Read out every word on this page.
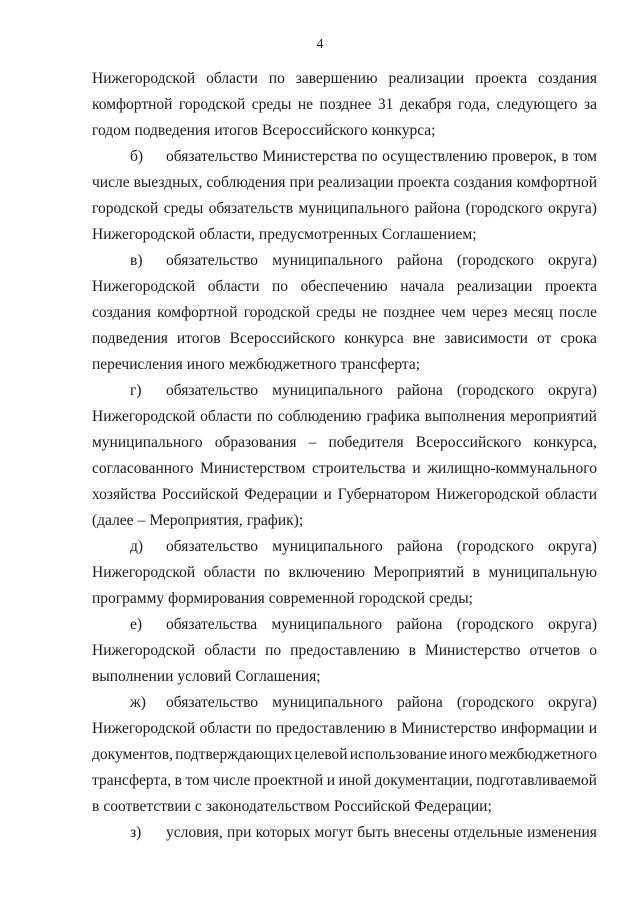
4
Нижегородской области по завершению реализации проекта создания
комфортной городской среды не позднее 31 декабря года, следующего за
годом подведения итогов Всероссийского конкурса;
б)	обязательство Министерства по осуществлению проверок, в том
числе выездных, соблюдения при реализации проекта создания комфортной
городской среды обязательств муниципального района (городского округа)
Нижегородской области, предусмотренных Соглашением;
в)	обязательство муниципального района (городского округа)
Нижегородской области по обеспечению начала реализации проекта
создания комфортной городской среды не позднее чем через месяц после
подведения итогов Всероссийского конкурса вне зависимости от срока
перечисления иного межбюджетного трансферта;
г)	обязательство муниципального района (городского округа)
Нижегородской области по соблюдению графика выполнения мероприятий
муниципального образования – победителя Всероссийского конкурса,
согласованного Министерством строительства и жилищно-коммунального
хозяйства Российской Федерации и Губернатором Нижегородской области
(далее – Мероприятия, график);
д)	обязательство муниципального района (городского округа)
Нижегородской области по включению Мероприятий в муниципальную
программу формирования современной городской среды;
е)	обязательства муниципального района (городского округа)
Нижегородской области по предоставлению в Министерство отчетов о
выполнении условий Соглашения;
ж)	обязательство муниципального района (городского округа)
Нижегородской области по предоставлению в Министерство информации и
документов, подтверждающих целевой использование иного межбюджетного
трансферта, в том числе проектной и иной документации, подготавливаемой
в соответствии с законодательством Российской Федерации;
з)	условия, при которых могут быть внесены отдельные изменения
